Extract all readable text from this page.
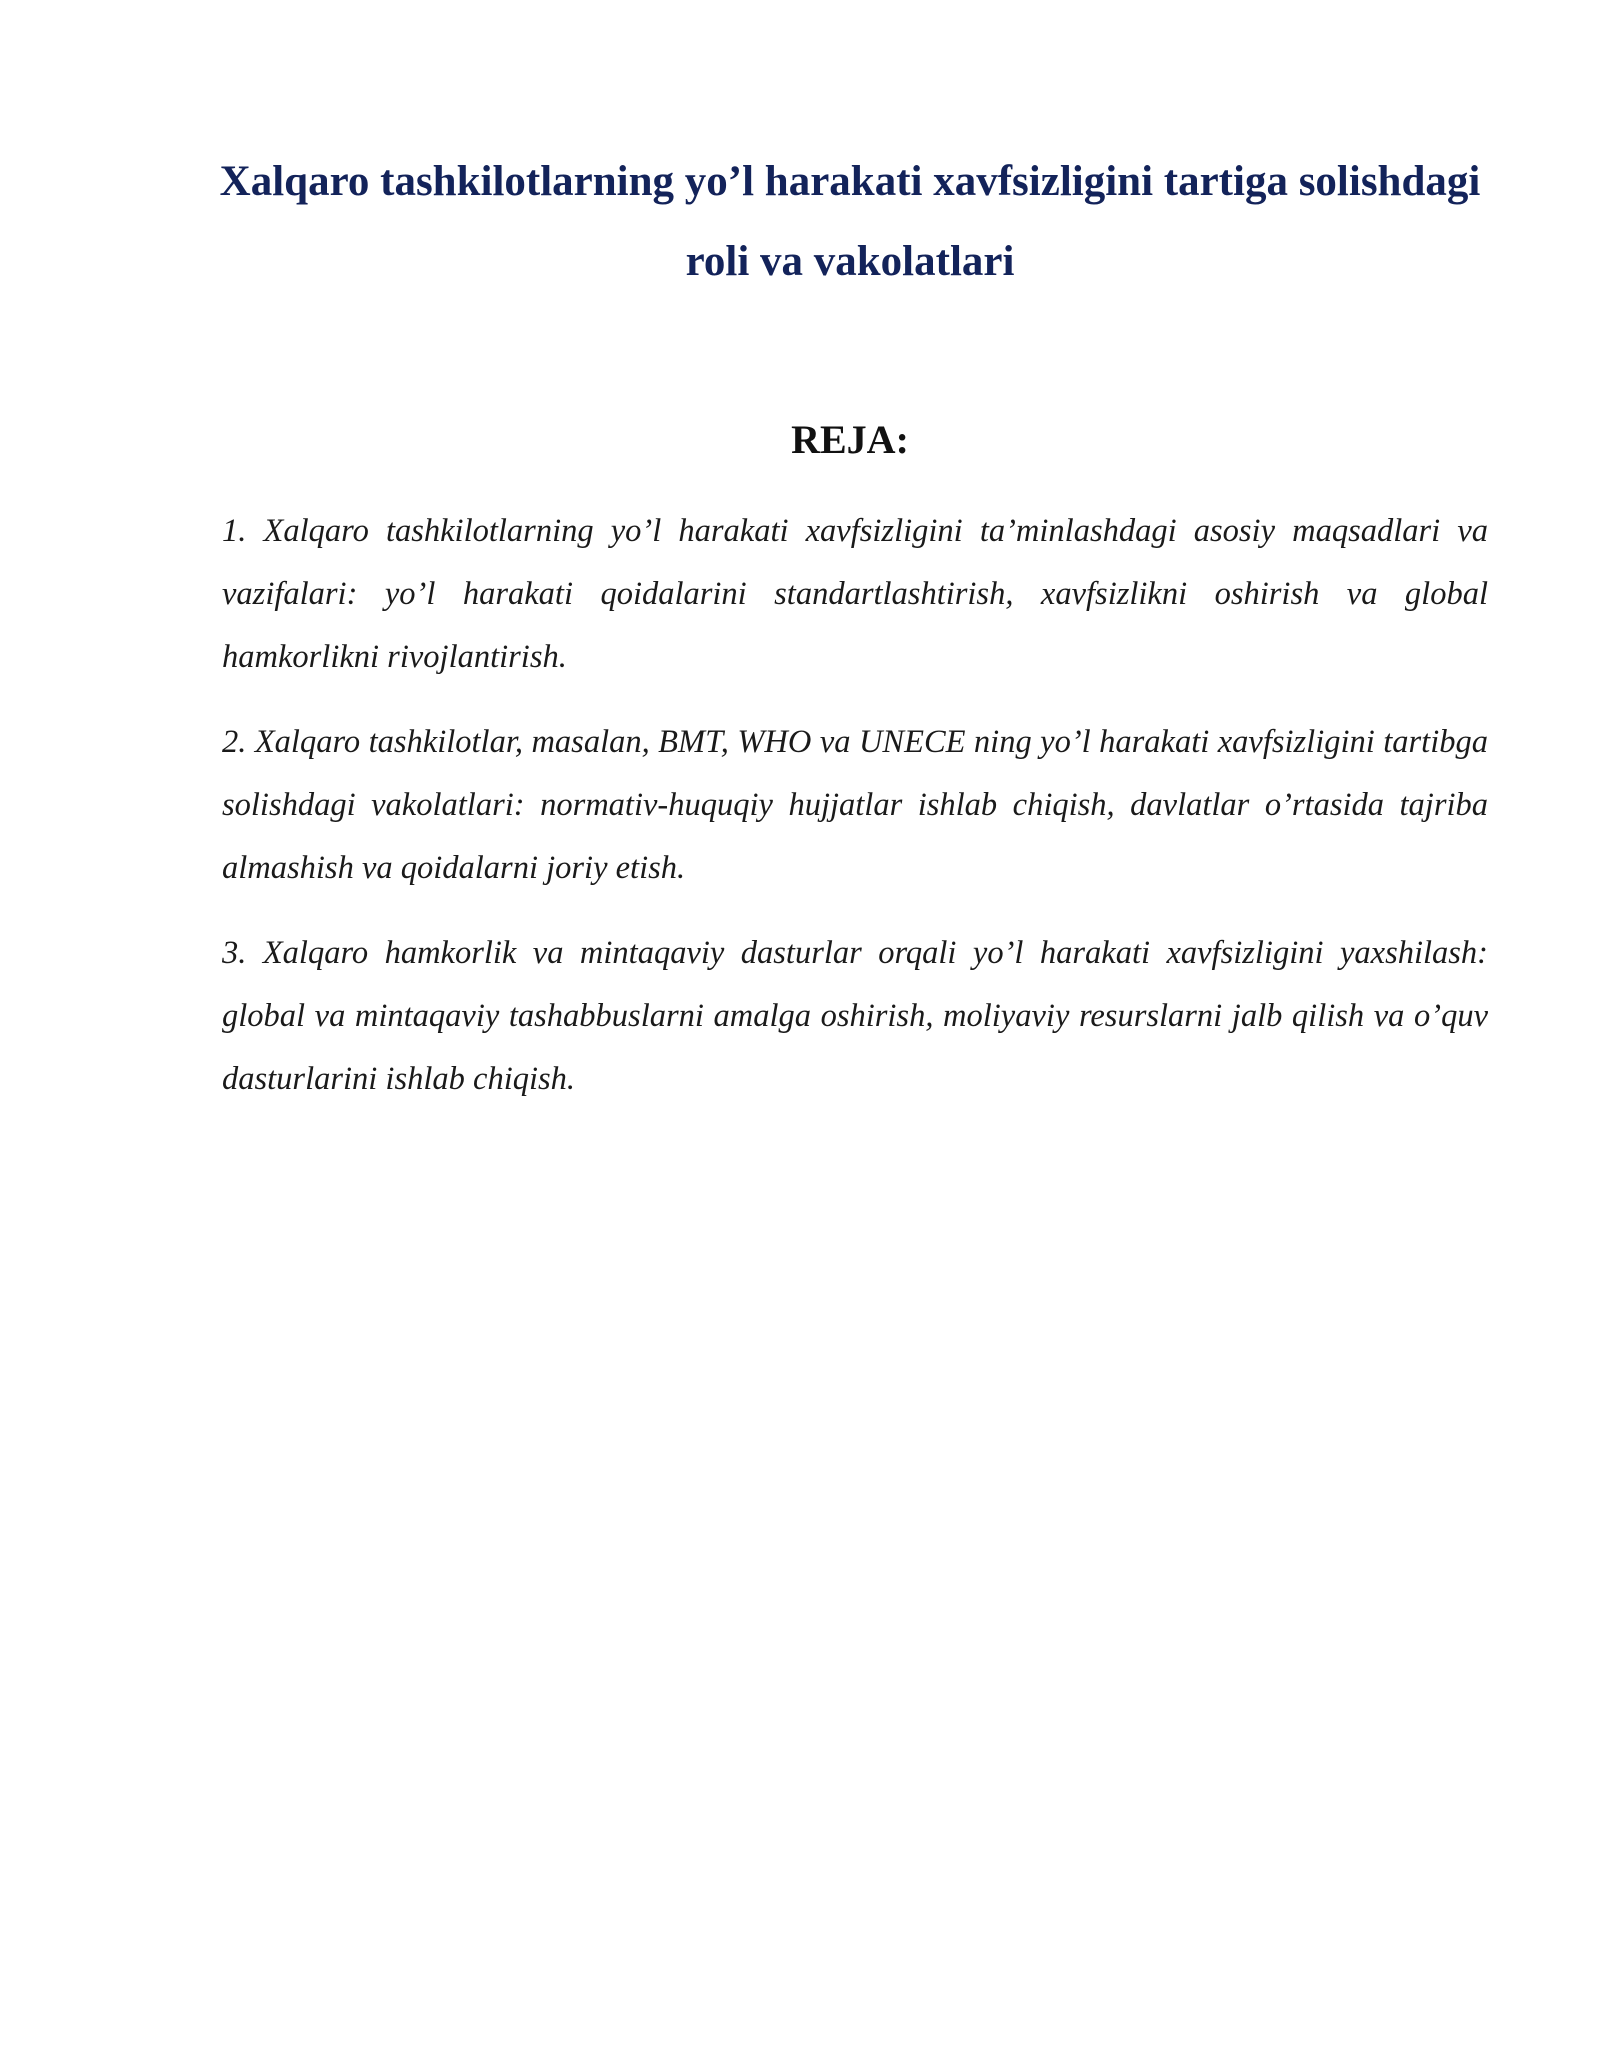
Xalqaro tashkilotlarning yo’l harakati xavfsizligini tartiga solishdagi roli va vakolatlari
REJA:
1. Xalqaro tashkilotlarning yo’l harakati xavfsizligini ta’minlashdagi asosiy maqsadlari va vazifalari: yo’l harakati qoidalarini standartlashtirish, xavfsizlikni oshirish va global hamkorlikni rivojlantirish.
2. Xalqaro tashkilotlar, masalan, BMT, WHO va UNECE ning yo’l harakati xavfsizligini tartibga solishdagi vakolatlari: normativ-huquqiy hujjatlar ishlab chiqish, davlatlar o’rtasida tajriba almashish va qoidalarni joriy etish.
3. Xalqaro hamkorlik va mintaqaviy dasturlar orqali yo’l harakati xavfsizligini yaxshilash: global va mintaqaviy tashabbuslarni amalga oshirish, moliyaviy resurslarni jalb qilish va o’quv dasturlarini ishlab chiqish.
